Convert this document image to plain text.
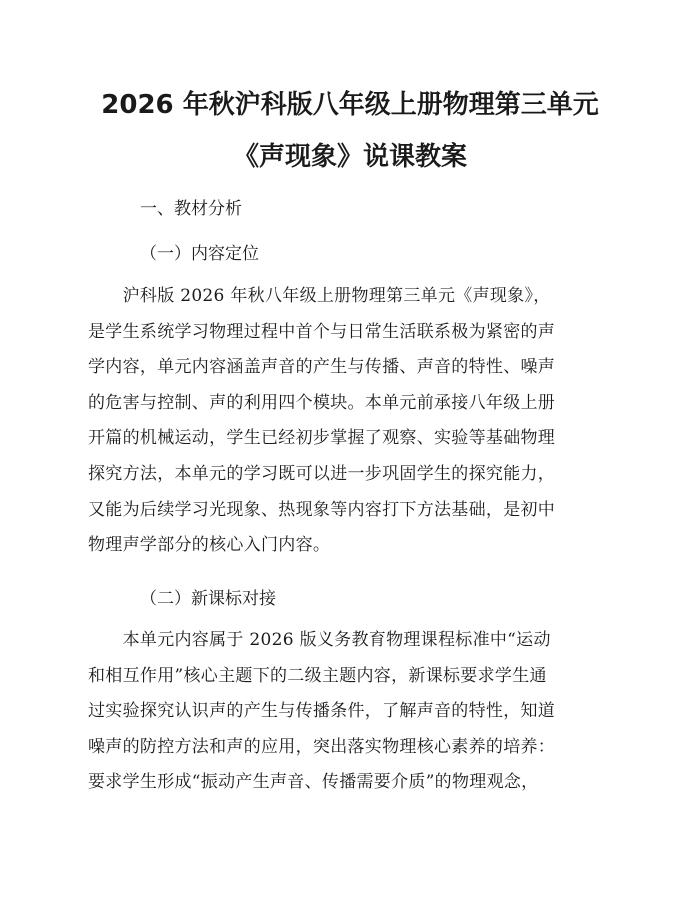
2026 年秋沪科版八年级上册物理第三单元
《声现象》说课教案
一、教材分析
（一）内容定位
　　沪科版 2026 年秋八年级上册物理第三单元《声现象》，
是学生系统学习物理过程中首个与日常生活联系极为紧密的声
学内容，单元内容涵盖声音的产生与传播、声音的特性、噪声
的危害与控制、声的利用四个模块。本单元前承接八年级上册
开篇的机械运动，学生已经初步掌握了观察、实验等基础物理
探究方法，本单元的学习既可以进一步巩固学生的探究能力，
又能为后续学习光现象、热现象等内容打下方法基础，是初中
物理声学部分的核心入门内容。
（二）新课标对接
　　本单元内容属于 2026 版义务教育物理课程标准中“运动
和相互作用”核心主题下的二级主题内容，新课标要求学生通
过实验探究认识声的产生与传播条件，了解声音的特性，知道
噪声的防控方法和声的应用，突出落实物理核心素养的培养：
要求学生形成“振动产生声音、传播需要介质”的物理观念，
